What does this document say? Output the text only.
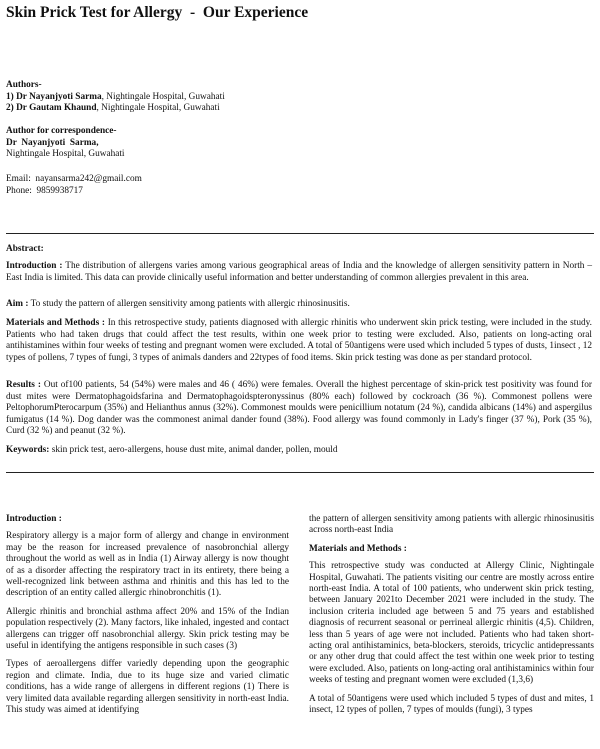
Skin Prick Test for Allergy  -  Our Experience
Authors-
1) Dr Nayanjyoti Sarma, Nightingale Hospital, Guwahati
2) Dr Gautam Khaund, Nightingale Hospital, Guwahati
Author for correspondence-
Dr  Nayanjyoti  Sarma,
Nightingale Hospital, Guwahati
Email:  nayansarma242@gmail.com
Phone:  9859938717
Abstract:
Introduction : The distribution of allergens varies among various geographical areas of India and the knowledge of allergen sensitivity pattern in North – East India is limited. This data can provide clinically useful information and better understanding of common allergies prevalent in this area.
Aim : To study the pattern of allergen sensitivity among patients with allergic rhinosinusitis.
Materials and Methods : In this retrospective study, patients diagnosed with allergic rhinitis who underwent skin prick testing, were included in the study. Patients who had taken drugs that could affect the test results, within one week prior to testing were excluded. Also, patients on long-acting oral antihistamines within four weeks of testing and pregnant women were excluded. A total of 50antigens were used which included 5 types of dusts, 1insect , 12 types of pollens, 7 types of fungi, 3 types of animals danders and 22types of food items. Skin prick testing was done as per standard protocol.
Results : Out of100 patients, 54 (54%) were males and 46 ( 46%) were females. Overall the highest percentage of skin-prick test positivity was found for dust mites were Dermatophagoidsfarina and Dermatophagoidspteronyssinus (80% each) followed by cockroach (36 %). Commonest pollens were PeltophorumPterocarpum (35%) and Helianthus annus (32%). Commonest moulds were penicillium notatum (24 %), candida albicans (14%) and aspergilus fumigatus (14 %). Dog dander was the commonest animal dander found (38%). Food allergy was found commonly in Lady's finger (37 %), Pork (35 %), Curd (32 %) and peanut (32 %).
Keywords: skin prick test, aero-allergens, house dust mite, animal dander, pollen, mould
Introduction :

Respiratory allergy is a major form of allergy and change in environment may be the reason for increased prevalence of nasobronchial allergy throughout the world as well as in India (1) Airway allergy is now thought of as a disorder affecting the respiratory tract in its entirety, there being a well-recognized link between asthma and rhinitis and this has led to the description of an entity called allergic rhinobronchitis (1).

Allergic rhinitis and bronchial asthma affect 20% and 15% of the Indian population respectively (2). Many factors, like inhaled, ingested and contact allergens can trigger off nasobronchial allergy. Skin prick testing may be useful in identifying the antigens responsible in such cases (3)

Types of aeroallergens differ variedly depending upon the geographic region and climate. India, due to its huge size and varied climatic conditions, has a wide range of allergens in different regions (1) There is very limited data available regarding allergen sensitivity in north-east India. This study was aimed at identifying

the pattern of allergen sensitivity among patients with allergic rhinosinusitis across north-east India

Materials and Methods :

This retrospective study was conducted at Allergy Clinic, Nightingale Hospital, Guwahati. The patients visiting our centre are mostly across entire north-east India. A total of 100 patients, who underwent skin prick testing, between January 2021to December 2021 were included in the study. The inclusion criteria included age between 5 and 75 years and established diagnosis of recurrent seasonal or perrineal allergic rhinitis (4,5). Children, less than 5 years of age were not included. Patients who had taken short-acting oral antihistaminics, beta-blockers, steroids, tricyclic antidepressants or any other drug that could affect the test within one week prior to testing were excluded. Also, patients on long-acting oral antihistaminics within four weeks of testing and pregnant women were excluded (1,3,6)

A total of 50antigens were used which included 5 types of dust and mites, 1 insect, 12 types of pollen, 7 types of moulds (fungi), 3 types
